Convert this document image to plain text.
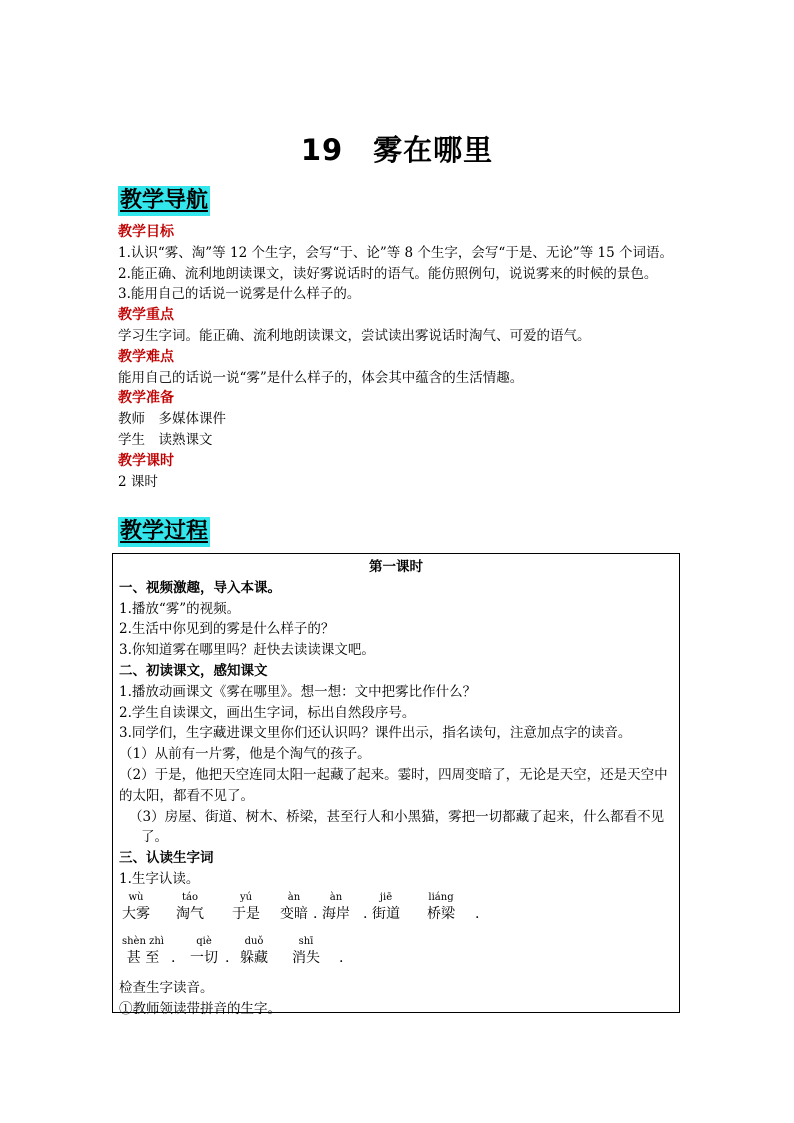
19 雾在哪里
教学导航
教学目标
1.认识“雾、淘”等 12 个生字，会写“于、论”等 8 个生字，会写“于是、无论”等 15 个词语。
2.能正确、流利地朗读课文，读好雾说话时的语气。能仿照例句，说说雾来的时候的景色。
3.能用自己的话说一说雾是什么样子的。
教学重点
学习生字词。能正确、流利地朗读课文，尝试读出雾说话时淘气、可爱的语气。
教学难点
能用自己的话说一说“雾”是什么样子的，体会其中蕴含的生活情趣。
教学准备
教师　多媒体课件
学生　读熟课文
教学课时
2 课时
教学过程
第一课时
一、视频激趣，导入本课。
1.播放“雾”的视频。
2.生活中你见到的雾是什么样子的？
3.你知道雾在哪里吗？赶快去读读课文吧。
二、初读课文，感知课文
1.播放动画课文《雾在哪里》。想一想：文中把雾比作什么？
2.学生自读课文，画出生字词，标出自然段序号。
3.同学们，生字藏进课文里你们还认识吗？课件出示，指名读句，注意加点字的读音。
（1）从前有一片雾，他是个淘气的孩子。
（2）于是，他把天空连同太阳一起藏了起来。霎时，四周变暗了，无论是天空，还是天空中的太阳，都看不见了。
（3）房屋、街道、树木、桥梁，甚至行人和小黑猫，雾把一切都藏了起来，什么都看不见了。
三、认读生字词
1.生字认读。
wù
大雾
táo
淘气
yú
于是
àn
变暗 .
àn
海岸 .
jiē
街道
liáng
桥梁	.
shèn zhì
甚 至 .
qiè
一切 .
duǒ
躲藏
shī
消失 .
检查生字读音。
①教师领读带拼音的生字。
